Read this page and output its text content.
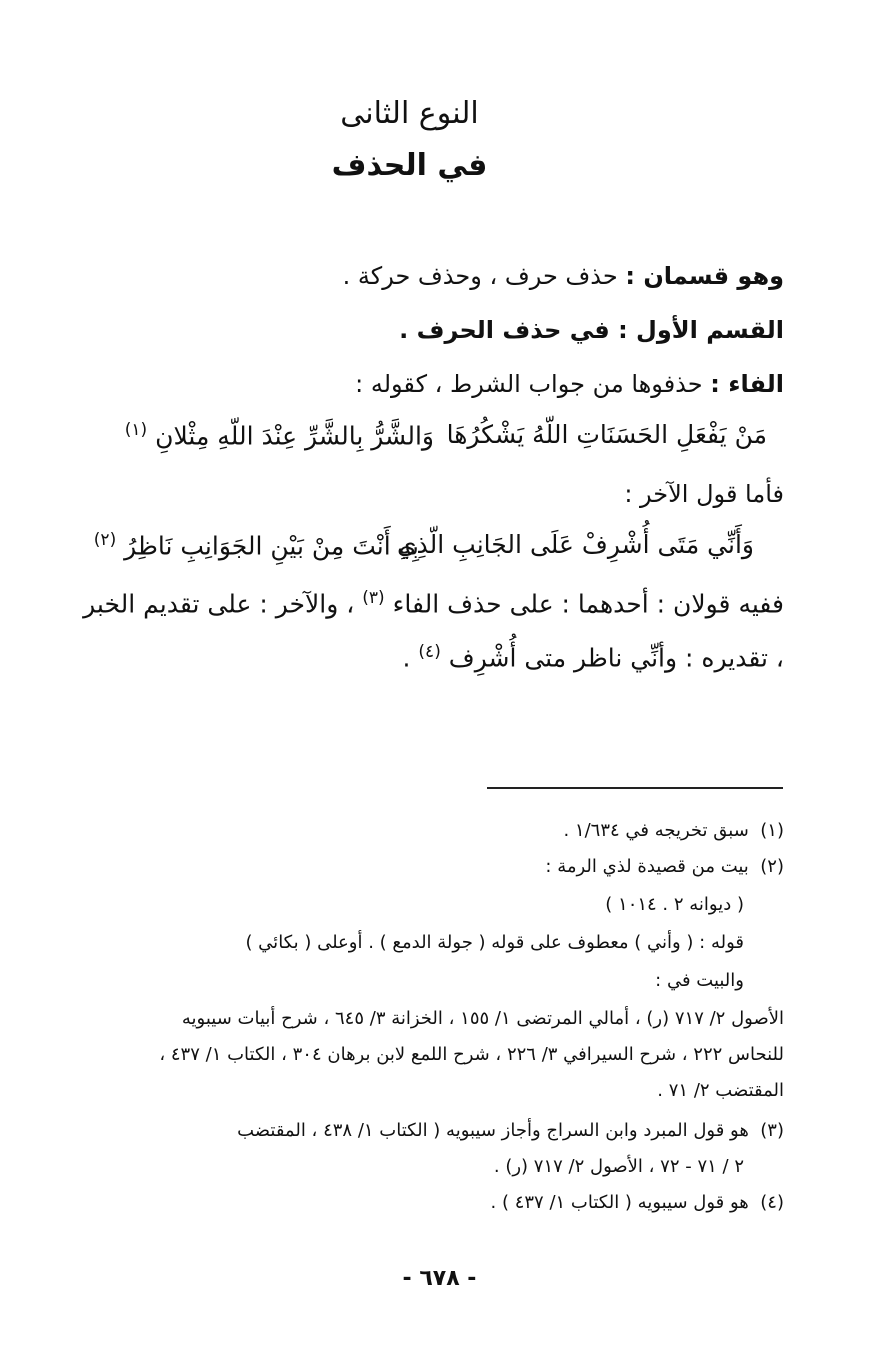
النوع الثانى
في الحذف
وهو قسمان : حذف حرف ، وحذف حركة .
القسم الأول : في حذف الحرف .
الفاء : حذفوها من جواب الشرط ، كقوله :
مَنْ يَفْعَلِ الحَسَنَاتِ اللّهُ يَشْكُرُهَا
وَالشَّرُّ بِالشَّرِّ عِنْدَ اللّهِ مِثْلانِ $^{(١)}$
فأما قول الآخر :
وَأَنِّي مَتَى أُشْرِفْ عَلَى الجَانِبِ الّذِي
بِهِ أَنْتَ مِنْ بَيْنِ الجَوَانِبِ نَاظِرُ $^{(٢)}$
ففيه قولان : أحدهما : على حذف الفاء $^{(٣)}$ ، والآخر : على تقديم الخبر
، تقديره : وأنِّي ناظر متى أُشْرِف $^{(٤)}$ .
(١)  سبق تخريجه في ١/٦٣٤ .
(٢)  بيت من قصيدة لذي الرمة :
( ديوانه ٢ . ١٠١٤ )
قوله : ( وأني ) معطوف على قوله ( جولة الدمع ) . أوعلى ( بكائي )
والبيت في :
الأصول ٢/ ٧١٧ (ر) ، أمالي المرتضى ١/ ١٥٥ ، الخزانة ٣/ ٦٤٥ ، شرح أبيات سيبويه
للنحاس ٢٢٢ ، شرح السيرافي ٣/ ٢٢٦ ، شرح اللمع لابن برهان ٣٠٤ ، الكتاب ١/ ٤٣٧ ،
المقتضب ٢/ ٧١ .
(٣)  هو قول المبرد وابن السراج وأجاز سيبويه ( الكتاب ١/ ٤٣٨ ، المقتضب
٢ / ٧١ - ٧٢ ، الأصول ٢/ ٧١٧ (ر) .
(٤)  هو قول سيبويه ( الكتاب ١/ ٤٣٧ ) .
- ٦٧٨ -
